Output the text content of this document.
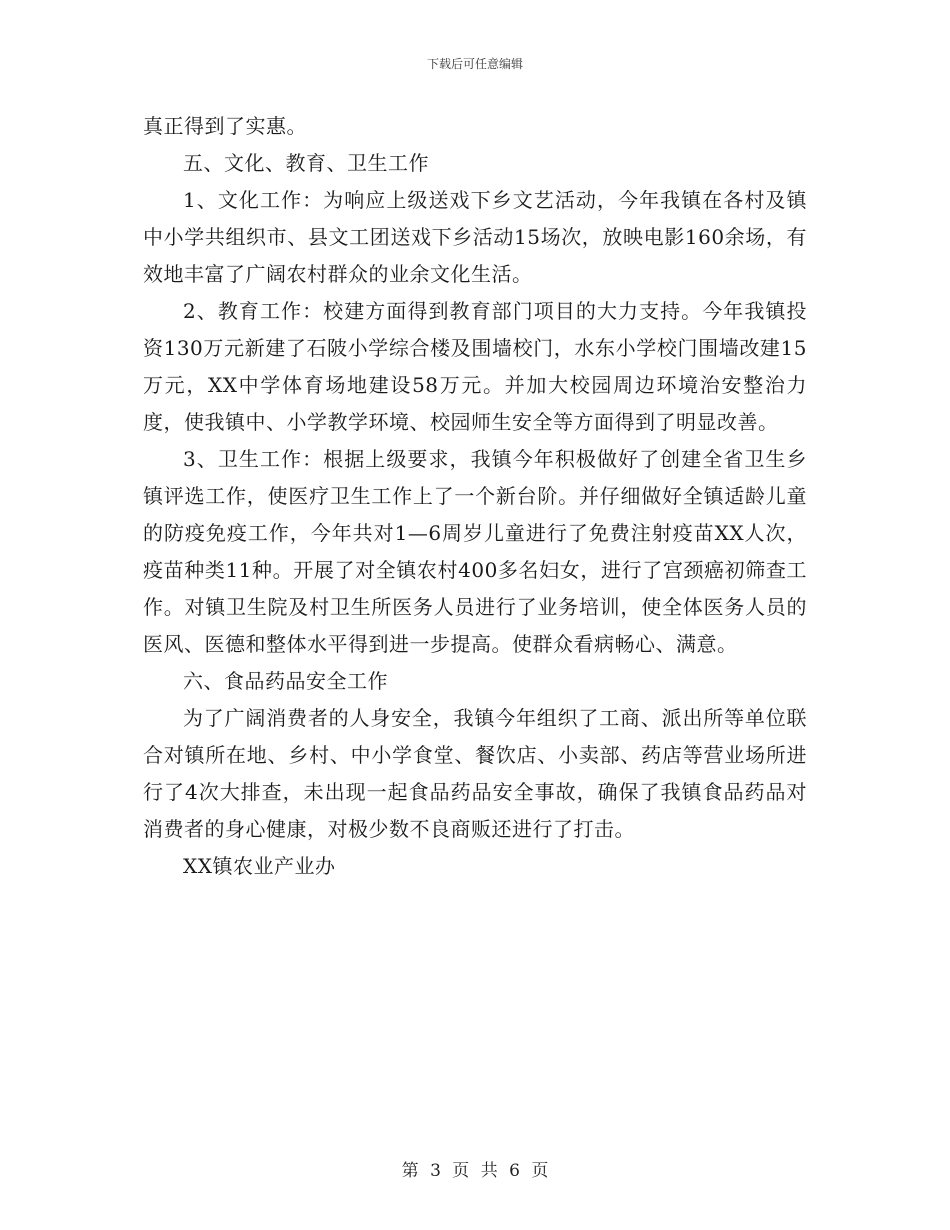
下载后可任意编辑

真正得到了实惠。

五、文化、教育、卫生工作

1、文化工作：为响应上级送戏下乡文艺活动，今年我镇在各村及镇中小学共组织市、县文工团送戏下乡活动15场次，放映电影160余场，有效地丰富了广阔农村群众的业余文化生活。

2、教育工作：校建方面得到教育部门项目的大力支持。今年我镇投资130万元新建了石陂小学综合楼及围墙校门，水东小学校门围墙改建15万元，XX中学体育场地建设58万元。并加大校园周边环境治安整治力度，使我镇中、小学教学环境、校园师生安全等方面得到了明显改善。

3、卫生工作：根据上级要求，我镇今年积极做好了创建全省卫生乡镇评选工作，使医疗卫生工作上了一个新台阶。并仔细做好全镇适龄儿童的防疫免疫工作，今年共对1—6周岁儿童进行了免费注射疫苗XX人次，疫苗种类11种。开展了对全镇农村400多名妇女，进行了宫颈癌初筛查工作。对镇卫生院及村卫生所医务人员进行了业务培训，使全体医务人员的医风、医德和整体水平得到进一步提高。使群众看病畅心、满意。

六、食品药品安全工作

为了广阔消费者的人身安全，我镇今年组织了工商、派出所等单位联合对镇所在地、乡村、中小学食堂、餐饮店、小卖部、药店等营业场所进行了4次大排查，未出现一起食品药品安全事故，确保了我镇食品药品对消费者的身心健康，对极少数不良商贩还进行了打击。

XX镇农业产业办

第 3 页 共 6 页
